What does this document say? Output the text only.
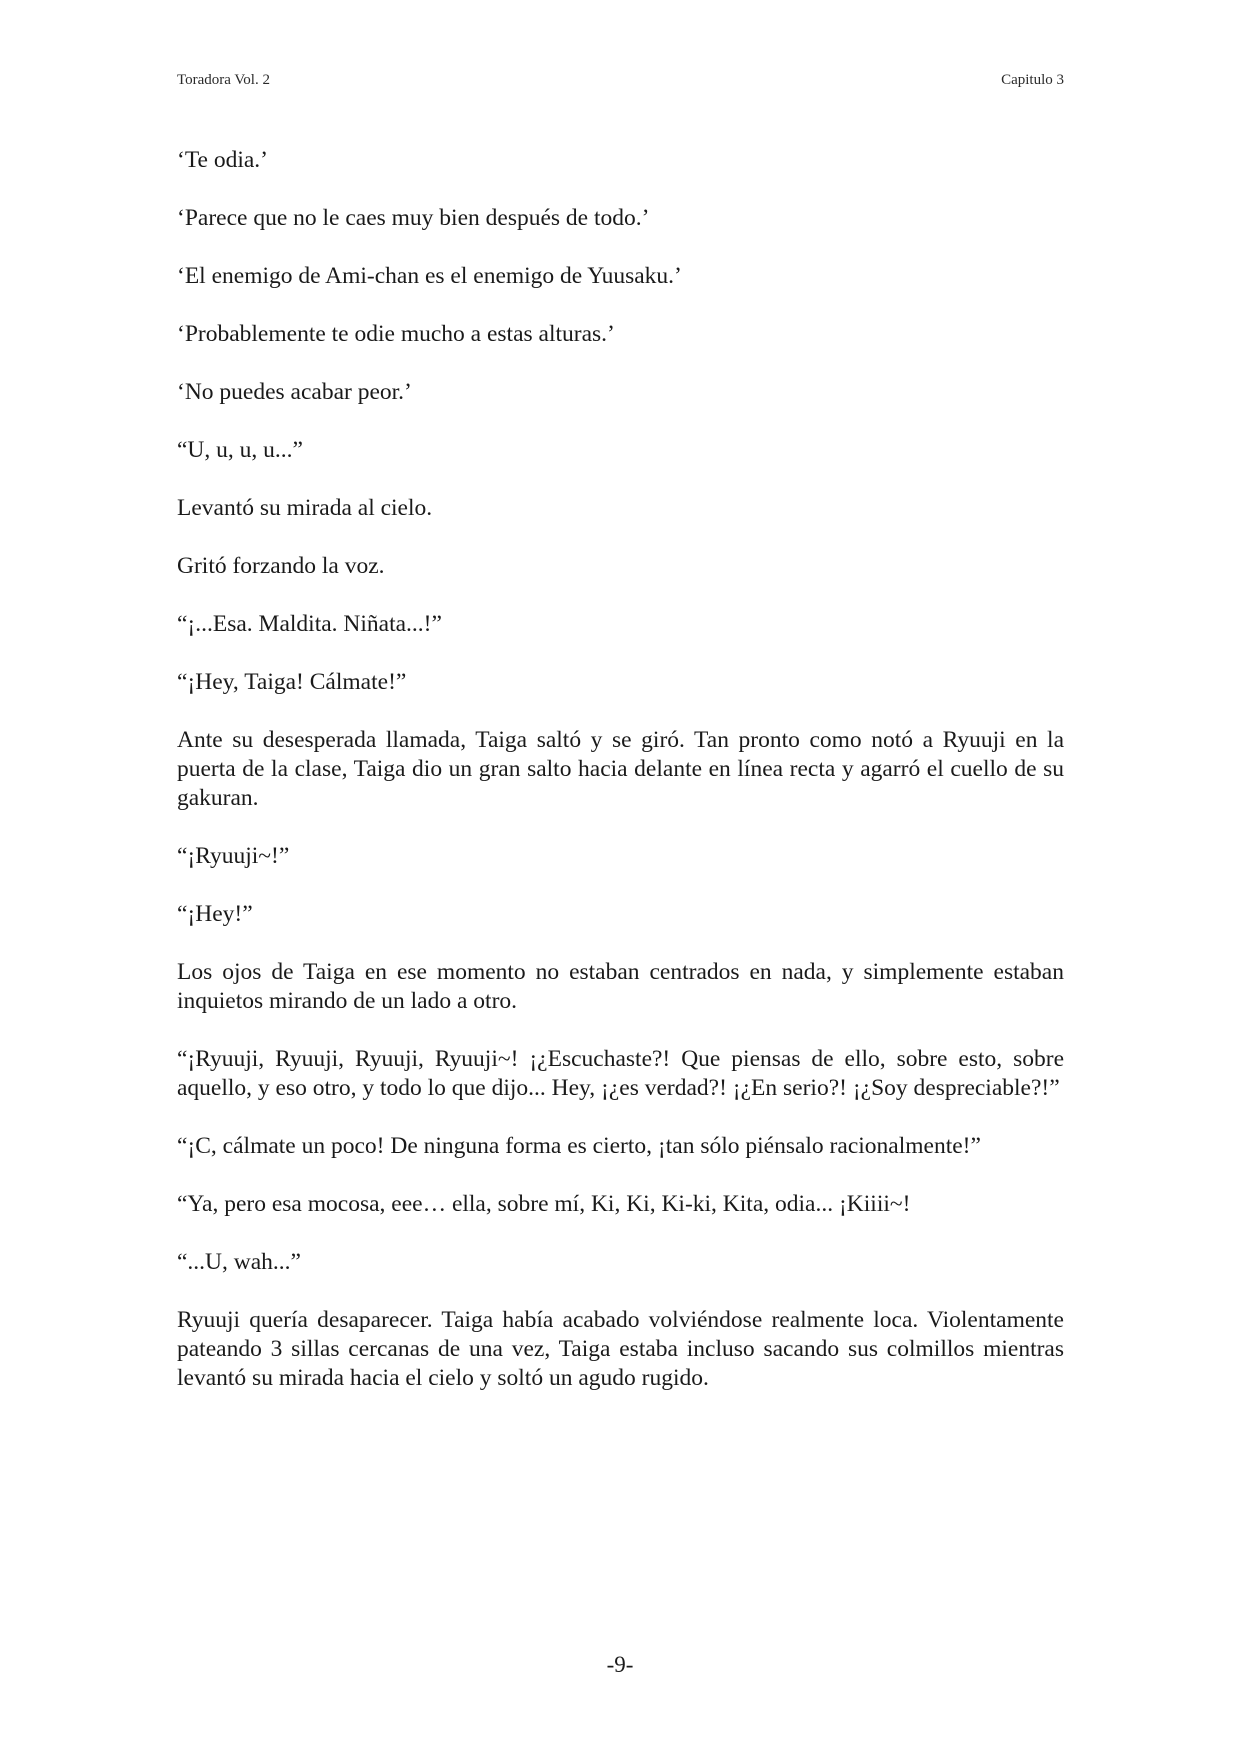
Toradora Vol. 2	Capitulo 3

‘Te odia.’

‘Parece que no le caes muy bien después de todo.’

‘El enemigo de Ami-chan es el enemigo de Yuusaku.’

‘Probablemente te odie mucho a estas alturas.’

‘No puedes acabar peor.’

“U, u, u, u...”

Levantó su mirada al cielo.

Gritó forzando la voz.

“¡...Esa. Maldita. Niñata...!”

“¡Hey, Taiga! Cálmate!”

Ante su desesperada llamada, Taiga saltó y se giró. Tan pronto como notó a Ryuuji en la puerta de la clase, Taiga dio un gran salto hacia delante en línea recta y agarró el cuello de su gakuran.

“¡Ryuuji~!”

“¡Hey!”

Los ojos de Taiga en ese momento no estaban centrados en nada, y simplemente estaban inquietos mirando de un lado a otro.

“¡Ryuuji, Ryuuji, Ryuuji, Ryuuji~! ¡¿Escuchaste?! Que piensas de ello, sobre esto, sobre aquello, y eso otro, y todo lo que dijo... Hey, ¡¿es verdad?! ¡¿En serio?! ¡¿Soy despreciable?!”

“¡C, cálmate un poco! De ninguna forma es cierto, ¡tan sólo piénsalo racionalmente!”

“Ya, pero esa mocosa, eee… ella, sobre mí, Ki, Ki, Ki-ki, Kita, odia... ¡Kiiii~!

“...U, wah...”

Ryuuji quería desaparecer. Taiga había acabado volviéndose realmente loca. Violentamente pateando 3 sillas cercanas de una vez, Taiga estaba incluso sacando sus colmillos mientras levantó su mirada hacia el cielo y soltó un agudo rugido.

-9-
